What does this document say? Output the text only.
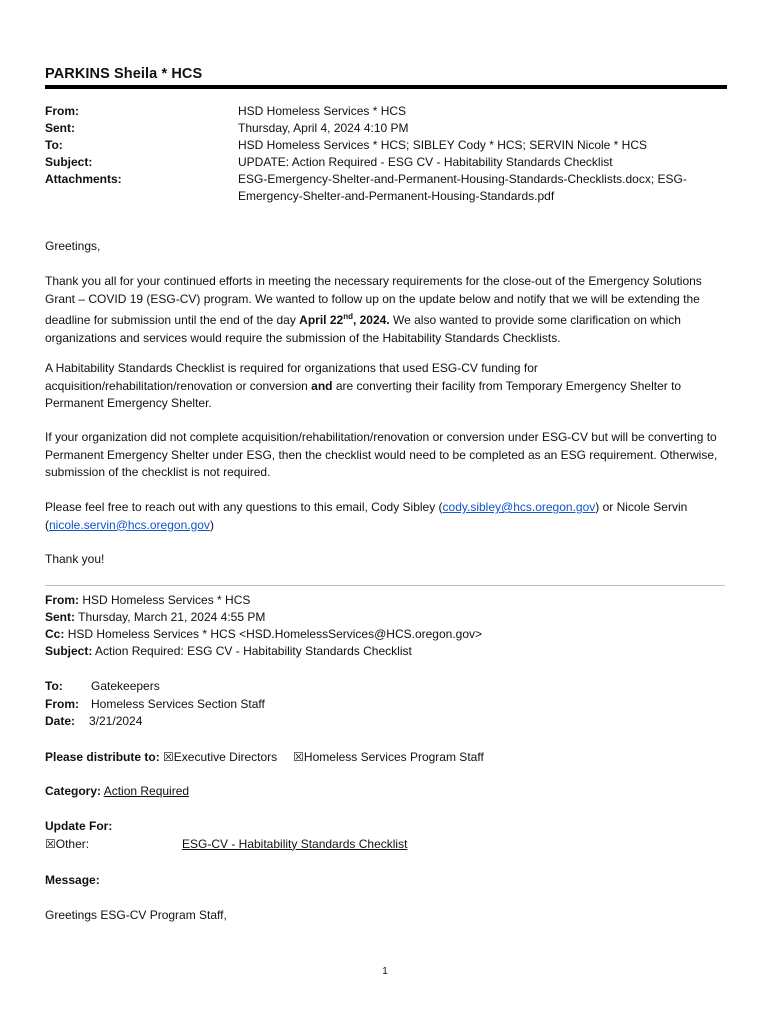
PARKINS Sheila * HCS
From:	HSD Homeless Services * HCS
Sent:	Thursday, April 4, 2024 4:10 PM
To:	HSD Homeless Services * HCS; SIBLEY Cody * HCS; SERVIN Nicole * HCS
Subject:	UPDATE: Action Required - ESG CV - Habitability Standards Checklist
Attachments:	ESG-Emergency-Shelter-and-Permanent-Housing-Standards-Checklists.docx; ESG-
Emergency-Shelter-and-Permanent-Housing-Standards.pdf

Greetings,

Thank you all for your continued efforts in meeting the necessary requirements for the close-out of the Emergency Solutions Grant – COVID 19 (ESG-CV) program. We wanted to follow up on the update below and notify that we will be extending the deadline for submission until the end of the day April 22nd, 2024. We also wanted to provide some clarification on which organizations and services would require the submission of the Habitability Standards Checklists.

A Habitability Standards Checklist is required for organizations that used ESG-CV funding for acquisition/rehabilitation/renovation or conversion and are converting their facility from Temporary Emergency Shelter to Permanent Emergency Shelter.

If your organization did not complete acquisition/rehabilitation/renovation or conversion under ESG-CV but will be converting to Permanent Emergency Shelter under ESG, then the checklist would need to be completed as an ESG requirement. Otherwise, submission of the checklist is not required.

Please feel free to reach out with any questions to this email, Cody Sibley (cody.sibley@hcs.oregon.gov) or Nicole Servin (nicole.servin@hcs.oregon.gov)

Thank you!

From: HSD Homeless Services * HCS
Sent: Thursday, March 21, 2024 4:55 PM
Cc: HSD Homeless Services * HCS <HSD.HomelessServices@HCS.oregon.gov>
Subject: Action Required: ESG CV - Habitability Standards Checklist
To:	Gatekeepers
From:	Homeless Services Section Staff
Date:	3/21/2024
Please distribute to: ☒Executive Directors ☒Homeless Services Program Staff
Category: Action Required
Update For:
☒Other:	ESG-CV - Habitability Standards Checklist
Message:
Greetings ESG-CV Program Staff,
1
